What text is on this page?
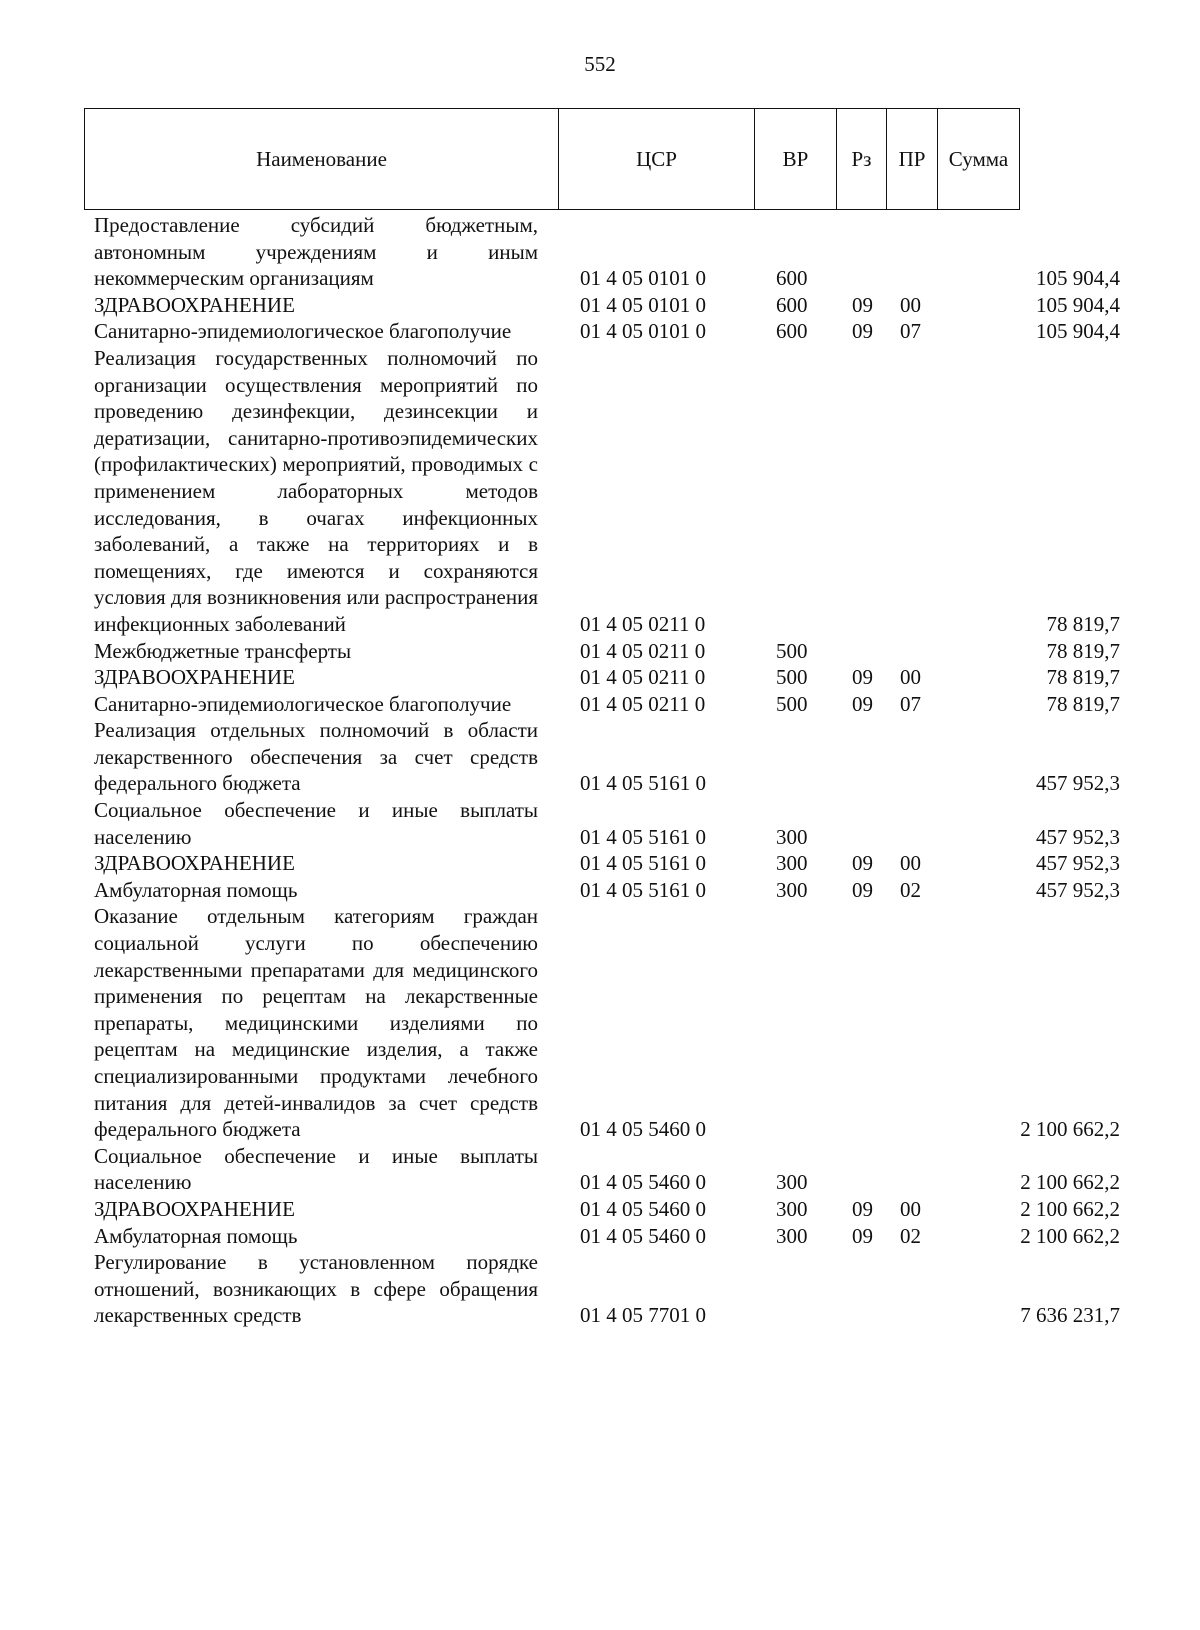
552
Наименование	ЦСР	ВР	Рз	ПР	Сумма
Предоставление субсидий бюджетным, автономным учреждениям и иным некоммерческим организациям	01 4 05 0101 0	600	105 904,4
ЗДРАВООХРАНЕНИЕ	01 4 05 0101 0	600 09 00	105 904,4
Санитарно-эпидемиологическое благополучие	01 4 05 0101 0	600 09 07	105 904,4
Реализация государственных полномочий по организации осуществления мероприятий по проведению дезинфекции, дезинсекции и дератизации, санитарно-противоэпидемических (профилактических) мероприятий, проводимых с применением лабораторных методов исследования, в очагах инфекционных заболеваний, а также на территориях и в помещениях, где имеются и сохраняются условия для возникновения или распространения инфекционных заболеваний	01 4 05 0211 0	78 819,7
Межбюджетные трансферты	01 4 05 0211 0	500	78 819,7
ЗДРАВООХРАНЕНИЕ	01 4 05 0211 0	500 09 00	78 819,7
Санитарно-эпидемиологическое благополучие	01 4 05 0211 0	500 09 07	78 819,7
Реализация отдельных полномочий в области лекарственного обеспечения за счет средств федерального бюджета	01 4 05 5161 0	457 952,3
Социальное обеспечение и иные выплаты населению	01 4 05 5161 0	300	457 952,3
ЗДРАВООХРАНЕНИЕ	01 4 05 5161 0	300 09 00	457 952,3
Амбулаторная помощь	01 4 05 5161 0	300 09 02	457 952,3
Оказание отдельным категориям граждан социальной услуги по обеспечению лекарственными препаратами для медицинского применения по рецептам на лекарственные препараты, медицинскими изделиями по рецептам на медицинские изделия, а также специализированными продуктами лечебного питания для детей-инвалидов за счет средств федерального бюджета	01 4 05 5460 0	2 100 662,2
Социальное обеспечение и иные выплаты населению	01 4 05 5460 0	300	2 100 662,2
ЗДРАВООХРАНЕНИЕ	01 4 05 5460 0	300 09 00	2 100 662,2
Амбулаторная помощь	01 4 05 5460 0	300 09 02	2 100 662,2
Регулирование в установленном порядке отношений, возникающих в сфере обращения лекарственных средств	01 4 05 7701 0	7 636 231,7
